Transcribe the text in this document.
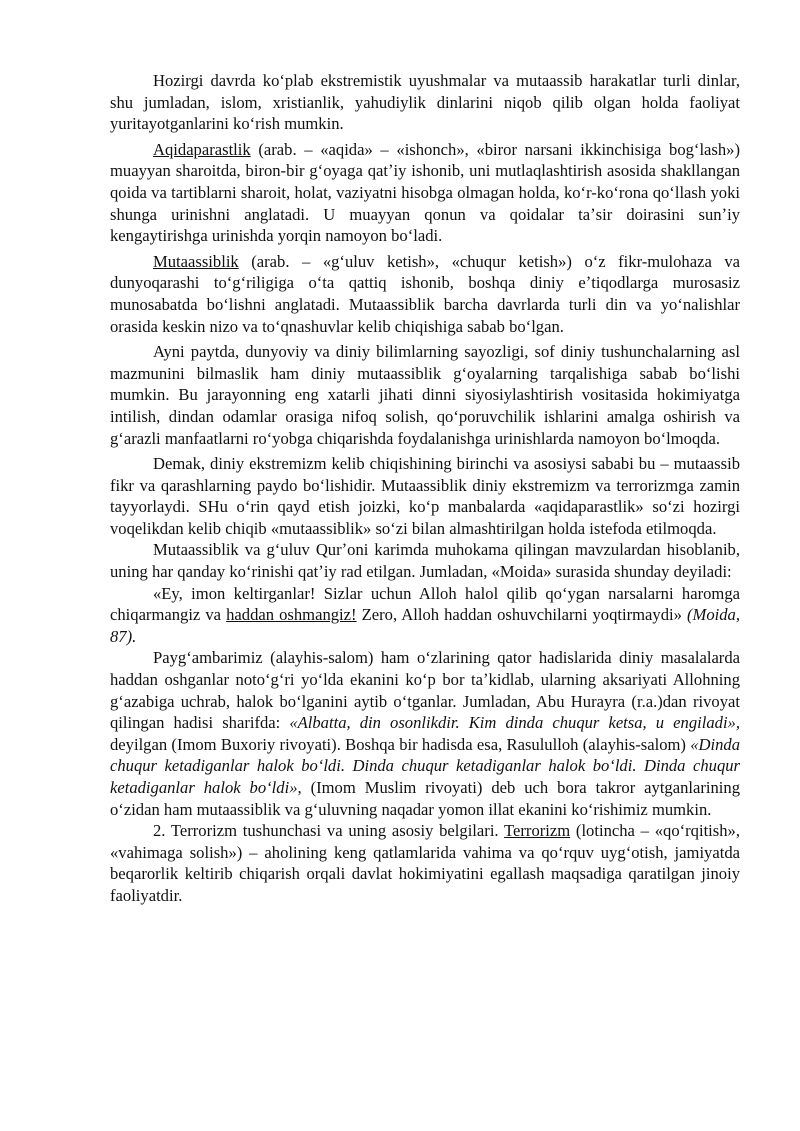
Hozirgi davrda koʻplab ekstremistik uyushmalar va mutaassib harakatlar turli dinlar, shu jumladan, islom, xristianlik, yahudiylik dinlarini niqob qilib olgan holda faoliyat yuritayotganlarini koʻrish mumkin.

Aqidaparastlik (arab. – «aqida» – «ishonch», «biror narsani ikkinchisiga bogʻlash») muayyan sharoitda, biron-bir gʻoyaga qatʼiy ishonib, uni mutlaqlashtirish asosida shakllangan qoida va tartiblarni sharoit, holat, vaziyatni hisobga olmagan holda, koʻr-koʻrona qoʻllash yoki shunga urinishni anglatadi. U muayyan qonun va qoidalar taʼsir doirasini sunʼiy kengaytirishga urinishda yorqin namoyon boʻladi.

Mutaassiblik (arab. – «gʻuluv ketish», «chuqur ketish») oʻz fikr-mulohaza va dunyoqarashi toʻgʻriligiga oʻta qattiq ishonib, boshqa diniy eʼtiqodlarga murosasiz munosabatda boʻlishni anglatadi. Mutaassiblik barcha davrlarda turli din va yoʻnalishlar orasida keskin nizo va toʻqnashuvlar kelib chiqishiga sabab boʻlgan.

Ayni paytda, dunyoviy va diniy bilimlarning sayozligi, sof diniy tushunchalarning asl mazmunini bilmaslik ham diniy mutaassiblik gʻoyalarning tarqalishiga sabab boʻlishi mumkin. Bu jarayonning eng xatarli jihati dinni siyosiylashtirish vositasida hokimiyatga intilish, dindan odamlar orasiga nifoq solish, qoʻporuvchilik ishlarini amalga oshirish va gʻarazli manfaatlarni roʻyobga chiqarishda foydalanishga urinishlarda namoyon boʻlmoqda.

Demak, diniy ekstremizm kelib chiqishining birinchi va asosiysi sababi bu – mutaassib fikr va qarashlarning paydo boʻlishidir. Mutaassiblik diniy ekstremizm va terrorizmga zamin tayyorlaydi. SHu oʻrin qayd etish joizki, koʻp manbalarda «aqidaparastlik» soʻzi hozirgi voqelikdan kelib chiqib «mutaassiblik» soʻzi bilan almashtirilgan holda istefoda etilmoqda.

Mutaassiblik va gʻuluv Qurʼoni karimda muhokama qilingan mavzulardan hisoblanib, uning har qanday koʻrinishi qatʼiy rad etilgan. Jumladan, «Moida» surasida shunday deyiladi:

«Ey, imon keltirganlar! Sizlar uchun Alloh halol qilib qoʻygan narsalarni haromga chiqarmangiz va haddan oshmangiz! Zero, Alloh haddan oshuvchilarni yoqtirmaydi» (Moida, 87).

Paygʻambarimiz (alayhis-salom) ham oʻzlarining qator hadislarida diniy masalalarda haddan oshganlar notoʻgʻri yoʻlda ekanini koʻp bor taʼkidlab, ularning aksariyati Allohning gʻazabiga uchrab, halok boʻlganini aytib oʻtganlar. Jumladan, Abu Hurayra (r.a.)dan rivoyat qilingan hadisi sharifda: «Albatta, din osonlikdir. Kim dinda chuqur ketsa, u engiladi», deyilgan (Imom Buxoriy rivoyati). Boshqa bir hadisda esa, Rasululloh (alayhis-salom) «Dinda chuqur ketadiganlar halok boʻldi. Dinda chuqur ketadiganlar halok boʻldi. Dinda chuqur ketadiganlar halok boʻldi», (Imom Muslim rivoyati) deb uch bora takror aytganlarining oʻzidan ham mutaassiblik va gʻuluvning naqadar yomon illat ekanini koʻrishimiz mumkin.

2. Terrorizm tushunchasi va uning asosiy belgilari. Terrorizm (lotincha – «qoʻrqitish», «vahimaga solish») – aholining keng qatlamlarida vahima va qoʻrquv uygʻotish, jamiyatda beqarorlik keltirib chiqarish orqali davlat hokimiyatini egallash maqsadiga qaratilgan jinoiy faoliyatdir.
